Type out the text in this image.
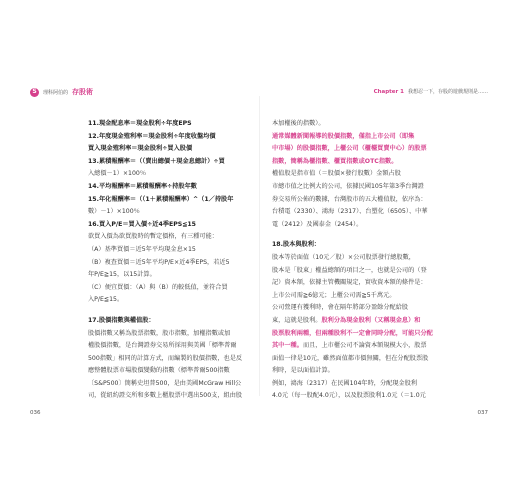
S 理科阿伯的 存股術	Chapter 1 我想忍一下，存股的遊戲規則是……
11.現金配息率＝現金股利÷年度EPS
12.年度現金殖利率＝現金股利÷年度收盤均價
買入現金殖利率＝現金股利÷買入股價
13.累積報酬率＝（（賣出總價＋現金息總計）÷買
入總價－1）×100％
14.平均報酬率＝累積報酬率÷持股年數
15.年化報酬率＝（（1＋累積報酬率）^（1／持股年
數）－1）×100％
16.買入P/E＝買入價÷近4季EPS≦15
欲買入價為欲買股時的暫定價格，有三種可能：
（A）基準買價＝近5年平均現金息×15
（B）複查買價＝近5年平均P/E×近4季EPS，若近5
年P/E≧15，以15計算。
（C）便宜買價：（A）與（B）的較低值，並符合買
入P/E≦15。
17.股價指數與權值股：
股價指數又稱為股票指數，股市指數，加權指數或加
權股價指數，是台灣證券交易所採用與美國「標準普爾
500指數」相同的計算方式，而編製的股價指數，也是反
應整體股票市場股價變動的指數（標準普爾500指數
〔S&P500〕簡稱史坦普500，是由美國McGraw Hill公
司，從紐約證交所和多數上櫃股票中選出500支，組由股
本加權後的指數）。
通常媒體新聞報導的股價指數，僅指上市公司（即集
中市場）的股價指數，上櫃公司（櫃檯買賣中心）的股票
指數，簡稱為櫃指數、櫃買指數或OTC指數。
權值股是指市值（＝股價×發行股數）金額占股
市總市值之比例大的公司，依據民國105年第3季台灣證
券交易所公佈的數據，台灣股市的五大權值股，依序為：
台積電（2330）、鴻海（2317）、台塑化（6505）、中華
電（2412）及國泰金（2454）。
18.股本與股利：
股本等於面值（10元／股）×公司股票發行總股數，
股本是「股東」權益總額的項目之一，也就是公司的（登
記）資本額，依據主管機關規定，實收資本額的條件是：
上市公司需≧6億元；上櫃公司需≧5千萬元。
公司營運有獲利時，會在隔年將部分盈餘分配給股
東，這就是股利。股利分為現金股利（又稱現金息）和
股票股利兩種，但兩種股利不一定會同時分配，可能只分配
其中一種。而且，上市櫃公司不論資本額規模大小，股票
面值一律是10元，雖然面值都市價無關，但在分配股票股
利時，是以面值計算。
例如，鴻海（2317）在民國104年時，分配現金股利
4.0元（每一股配4.0元），以及股票股利1.0元（＝1.0元
036	037
